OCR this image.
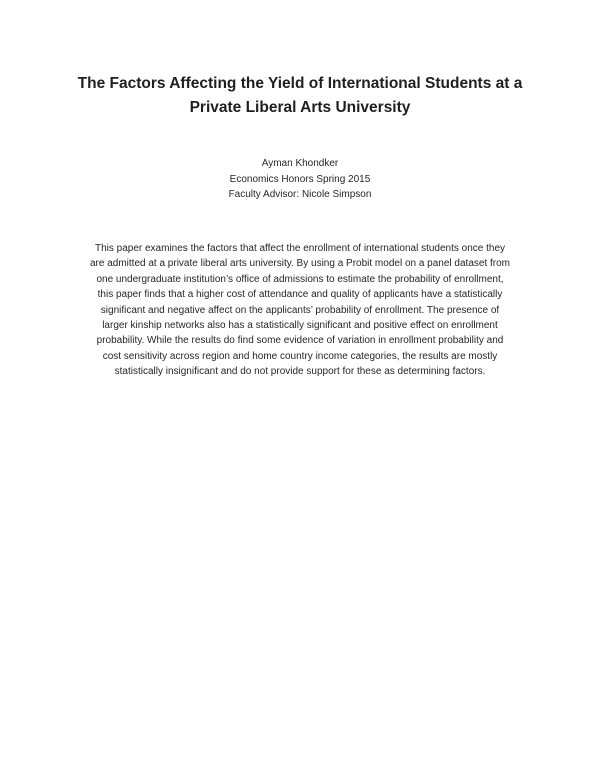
The Factors Affecting the Yield of International Students at a
Private Liberal Arts University
Ayman Khondker
Economics Honors Spring 2015
Faculty Advisor: Nicole Simpson
This paper examines the factors that affect the enrollment of international students once they
are admitted at a private liberal arts university. By using a Probit model on a panel dataset from
one undergraduate institution’s office of admissions to estimate the probability of enrollment,
this paper finds that a higher cost of attendance and quality of applicants have a statistically
significant and negative affect on the applicants’ probability of enrollment. The presence of
larger kinship networks also has a statistically significant and positive effect on enrollment
probability. While the results do find some evidence of variation in enrollment probability and
cost sensitivity across region and home country income categories, the results are mostly
statistically insignificant and do not provide support for these as determining factors.
